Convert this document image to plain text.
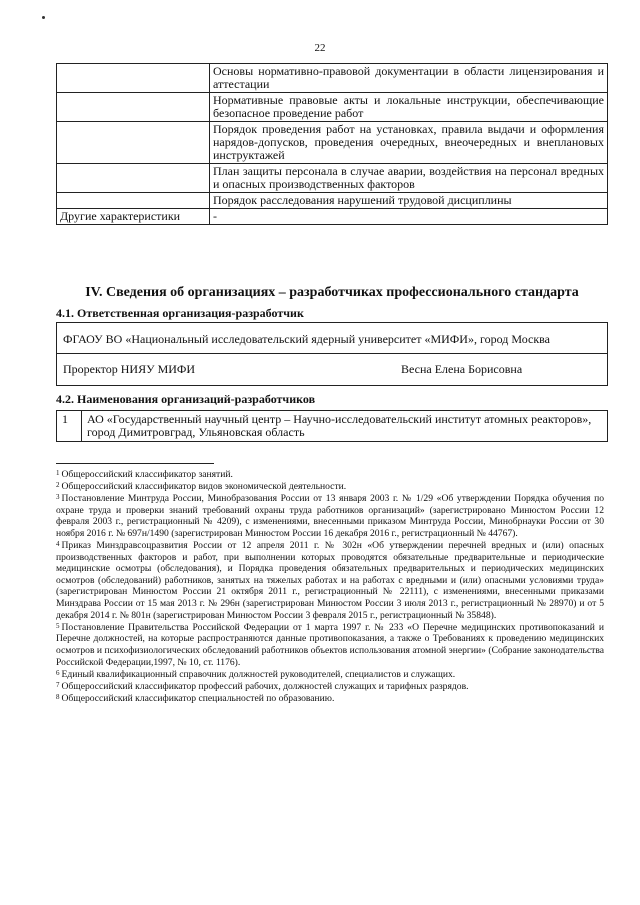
22
	Основы нормативно-правовой документации в области лицензирования и аттестации
	Нормативные правовые акты и локальные инструкции, обеспечивающие безопасное проведение работ
	Порядок проведения работ на установках, правила выдачи и оформления нарядов-допусков, проведения очередных, внеочередных и внеплановых инструктажей
	План защиты персонала в случае аварии, воздействия на персонал вредных и опасных производственных факторов
	Порядок расследования нарушений трудовой дисциплины
Другие характеристики	-
IV. Сведения об организациях – разработчиках профессионального стандарта
4.1. Ответственная организация-разработчик
ФГАОУ ВО «Национальный исследовательский ядерный университет «МИФИ», город Москва
Проректор НИЯУ МИФИ	Весна Елена Борисовна
4.2. Наименования организаций-разработчиков
1	АО «Государственный научный центр – Научно-исследовательский институт атомных реакторов», город Димитровград, Ульяновская область

$^1$ Общероссийский классификатор занятий.

$^2$ Общероссийский классификатор видов экономической деятельности.

$^3$ Постановление Минтруда России, Минобразования России от 13 января 2003 г. № 1/29 «Об утверждении Порядка обучения по охране труда и проверки знаний требований охраны труда работников организаций» (зарегистрировано Минюстом России 12 февраля 2003 г., регистрационный № 4209), с изменениями, внесенными приказом Минтруда России, Минобрнауки России от 30 ноября 2016 г. № 697н/1490 (зарегистрирован Минюстом России 16 декабря 2016 г., регистрационный № 44767).

$^4$ Приказ Минздравсоцразвития России от 12 апреля 2011 г. № 302н «Об утверждении перечней вредных и (или) опасных производственных факторов и работ, при выполнении которых проводятся обязательные предварительные и периодические медицинские осмотры (обследования), и Порядка проведения обязательных предварительных и периодических медицинских осмотров (обследований) работников, занятых на тяжелых работах и на работах с вредными и (или) опасными условиями труда» (зарегистрирован Минюстом России 21 октября 2011 г., регистрационный № 22111), с изменениями, внесенными приказами Минздрава России от 15 мая 2013 г. № 296н (зарегистрирован Минюстом России 3 июля 2013 г., регистрационный № 28970) и от 5 декабря 2014 г. № 801н (зарегистрирован Минюстом России 3 февраля 2015 г., регистрационный № 35848).

$^5$ Постановление Правительства Российской Федерации от 1 марта 1997 г. № 233 «О Перечне медицинских противопоказаний и Перечне должностей, на которые распространяются данные противопоказания, а также о Требованиях к проведению медицинских осмотров и психофизиологических обследований работников объектов использования атомной энергии» (Собрание законодательства Российской Федерации,1997, № 10, ст. 1176).

$^6$ Единый квалификационный справочник должностей руководителей, специалистов и служащих.

$^7$ Общероссийский классификатор профессий рабочих, должностей служащих и тарифных разрядов.

$^8$ Общероссийский классификатор специальностей по образованию.
